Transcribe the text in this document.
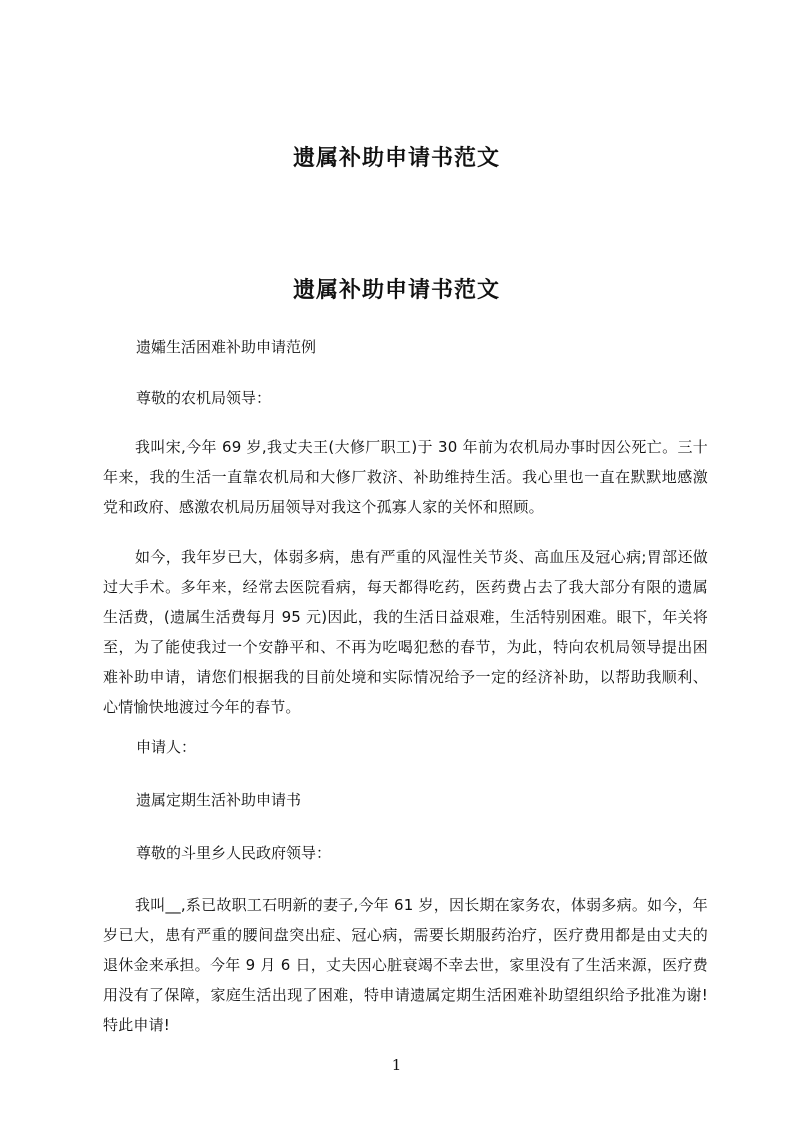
遗属补助申请书范文
遗属补助申请书范文

遗孀生活困难补助申请范例

尊敬的农机局领导：

我叫宋,今年 69 岁,我丈夫王(大修厂职工)于 30 年前为农机局办事时因公死亡。三十年来，我的生活一直靠农机局和大修厂救济、补助维持生活。我心里也一直在默默地感激党和政府、感激农机局历届领导对我这个孤寡人家的关怀和照顾。

如今，我年岁已大，体弱多病，患有严重的风湿性关节炎、高血压及冠心病;胃部还做过大手术。多年来，经常去医院看病，每天都得吃药，医药费占去了我大部分有限的遗属生活费，(遗属生活费每月 95 元)因此，我的生活日益艰难，生活特别困难。眼下，年关将至，为了能使我过一个安静平和、不再为吃喝犯愁的春节，为此，特向农机局领导提出困难补助申请，请您们根据我的目前处境和实际情况给予一定的经济补助，以帮助我顺利、心情愉快地渡过今年的春节。

申请人：

遗属定期生活补助申请书

尊敬的斗里乡人民政府领导：

我叫__,系已故职工石明新的妻子,今年 61 岁，因长期在家务农，体弱多病。如今，年岁已大，患有严重的腰间盘突出症、冠心病，需要长期服药治疗，医疗费用都是由丈夫的退休金来承担。今年 9 月 6 日，丈夫因心脏衰竭不幸去世，家里没有了生活来源，医疗费用没有了保障，家庭生活出现了困难，特申请遗属定期生活困难补助望组织给予批准为谢!特此申请!

1
